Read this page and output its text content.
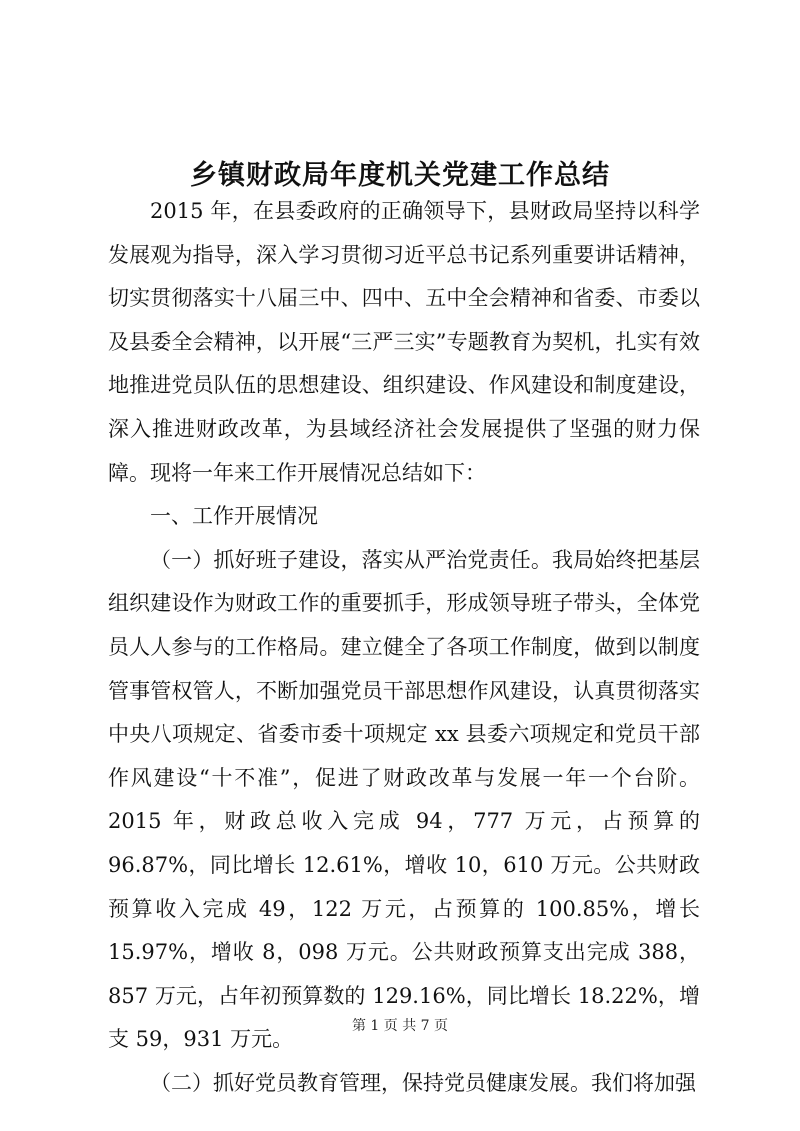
乡镇财政局年度机关党建工作总结

2015 年，在县委政府的正确领导下，县财政局坚持以科学发展观为指导，深入学习贯彻习近平总书记系列重要讲话精神，切实贯彻落实十八届三中、四中、五中全会精神和省委、市委以及县委全会精神，以开展“三严三实”专题教育为契机，扎实有效地推进党员队伍的思想建设、组织建设、作风建设和制度建设，深入推进财政改革，为县域经济社会发展提供了坚强的财力保障。现将一年来工作开展情况总结如下：

一、工作开展情况

（一）抓好班子建设，落实从严治党责任。我局始终把基层组织建设作为财政工作的重要抓手，形成领导班子带头，全体党员人人参与的工作格局。建立健全了各项工作制度，做到以制度管事管权管人，不断加强党员干部思想作风建设，认真贯彻落实中央八项规定、省委市委十项规定 xx 县委六项规定和党员干部作风建设“十不准”，促进了财政改革与发展一年一个台阶。2015 年，财政总收入完成 94，777 万元，占预算的 96.87%，同比增长 12.61%，增收 10，610 万元。公共财政预算收入完成 49，122 万元，占预算的 100.85%，增长 15.97%，增收 8，098 万元。公共财政预算支出完成 388，857 万元，占年初预算数的 129.16%，同比增长 18.22%，增支 59，931 万元。

（二）抓好党员教育管理，保持党员健康发展。我们将加强

第 1 页 共 7 页
